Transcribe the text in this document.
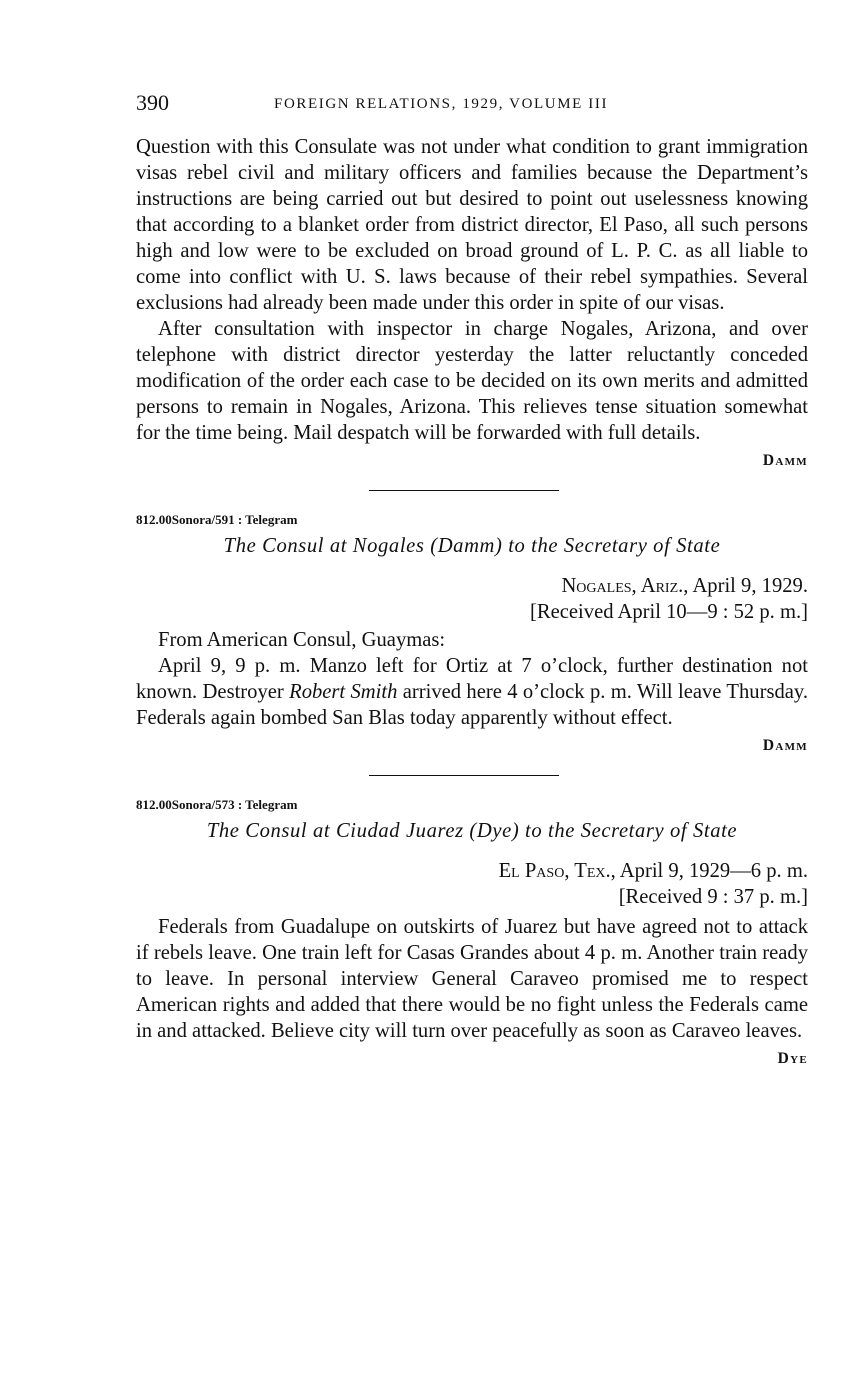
390	FOREIGN RELATIONS, 1929, VOLUME III

Question with this Consulate was not under what condition to grant immigration visas rebel civil and military officers and families because the Department’s instructions are being carried out but desired to point out uselessness knowing that according to a blanket order from district director, El Paso, all such persons high and low were to be excluded on broad ground of L. P. C. as all liable to come into conflict with U. S. laws because of their rebel sympathies. Several exclusions had already been made under this order in spite of our visas.

After consultation with inspector in charge Nogales, Arizona, and over telephone with district director yesterday the latter reluctantly conceded modification of the order each case to be decided on its own merits and admitted persons to remain in Nogales, Arizona. This relieves tense situation somewhat for the time being. Mail despatch will be forwarded with full details.

Damm
812.00Sonora/591 : Telegram
The Consul at Nogales (Damm) to the Secretary of State
Nogales, Ariz., April 9, 1929.
[Received April 10—9 : 52 p. m.]

From American Consul, Guaymas:

April 9, 9 p. m. Manzo left for Ortiz at 7 o’clock, further destination not known. Destroyer Robert Smith arrived here 4 o’clock p. m. Will leave Thursday. Federals again bombed San Blas today apparently without effect.

Damm
812.00Sonora/573 : Telegram
The Consul at Ciudad Juarez (Dye) to the Secretary of State
El Paso, Tex., April 9, 1929—6 p. m.
[Received 9 : 37 p. m.]

Federals from Guadalupe on outskirts of Juarez but have agreed not to attack if rebels leave. One train left for Casas Grandes about 4 p. m. Another train ready to leave. In personal interview General Caraveo promised me to respect American rights and added that there would be no fight unless the Federals came in and attacked. Believe city will turn over peacefully as soon as Caraveo leaves.

Dye
